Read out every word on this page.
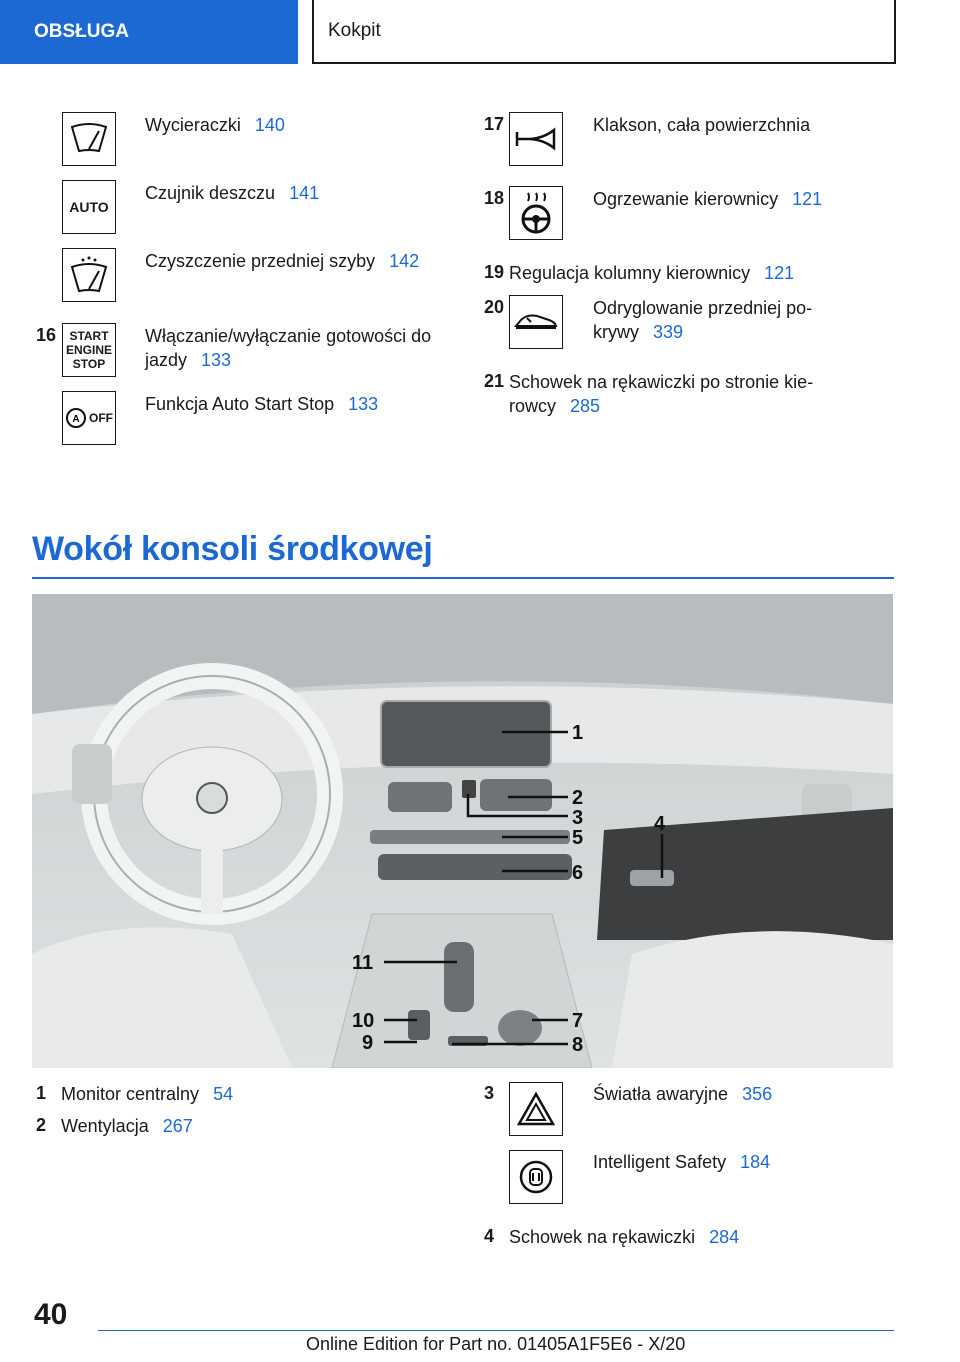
OBSŁUGA	Kokpit
Wycieraczki 140
AUTO
Czujnik deszczu 141
Czyszczenie przedniej szyby 142
16 START
ENGINE
STOP
Włączanie/wyłączanie gotowości do
jazdy 133
A OFF
Funkcja Auto Start Stop 133
17	Klakson, cała powierzchnia
18	Ogrzewanie kierownicy 121
19 Regulacja kolumny kierownicy 121
20	Odryglowanie przedniej po-
krywy 339
21 Schowek na rękawiczki po stronie kie-
rowcy 285
Wokół konsoli środkowej
1
2
3
5
6
4
11
10
9
7
8
1 Monitor centralny 54
2 Wentylacja 267
3	Światła awaryjne 356
Intelligent Safety 184
4 Schowek na rękawiczki 284
40
Online Edition for Part no. 01405A1F5E6 - X/20
